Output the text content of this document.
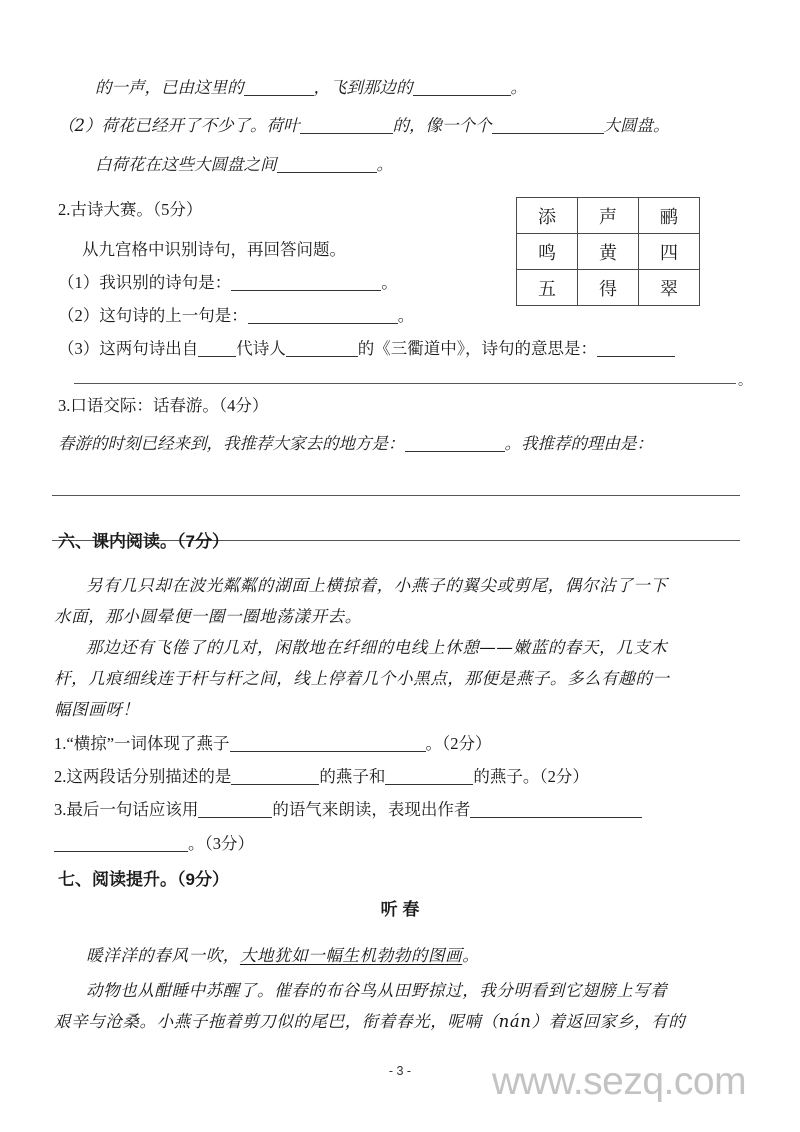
的一声，已由这里的	，飞到那边的	。
（2）荷花已经开了不少了。荷叶	的，像一个个	大圆盘。
白荷花在这些大圆盘之间	。
2.古诗大赛。（5分）
从九宫格中识别诗句，再回答问题。
（1）我识别的诗句是：	。
（2）这句诗的上一句是：	。
（3）这两句诗出自 代诗人	的《三衢道中》，诗句的意思是：
。
添	声	鹂
鸣	黄	四
五	得	翠
3.口语交际：话春游。（4分）
春游的时刻已经来到，我推荐大家去的地方是：	。我推荐的理由是：
六、课内阅读。（7分）
另有几只却在波光粼粼的湖面上横掠着，小燕子的翼尖或剪尾，偶尔沾了一下
水面，那小圆晕便一圈一圈地荡漾开去。
那边还有飞倦了的几对，闲散地在纤细的电线上休憩——嫩蓝的春天，几支木
杆，几痕细线连于杆与杆之间，线上停着几个小黑点，那便是燕子。多么有趣的一
幅图画呀！
1.“横掠”一词体现了燕子	。（2分）
2.这两段话分别描述的是	的燕子和	的燕子。（2分）
3.最后一句话应该用	的语气来朗读，表现出作者
。（3分）
七、阅读提升。（9分）
听 春
暖洋洋的春风一吹，大地犹如一幅生机勃勃的图画。
动物也从酣睡中苏醒了。催春的布谷鸟从田野掠过，我分明看到它翅膀上写着
艰辛与沧桑。小燕子拖着剪刀似的尾巴，衔着春光，呢喃（nán）着返回家乡，有的
- 3 -	www.sezq.com
